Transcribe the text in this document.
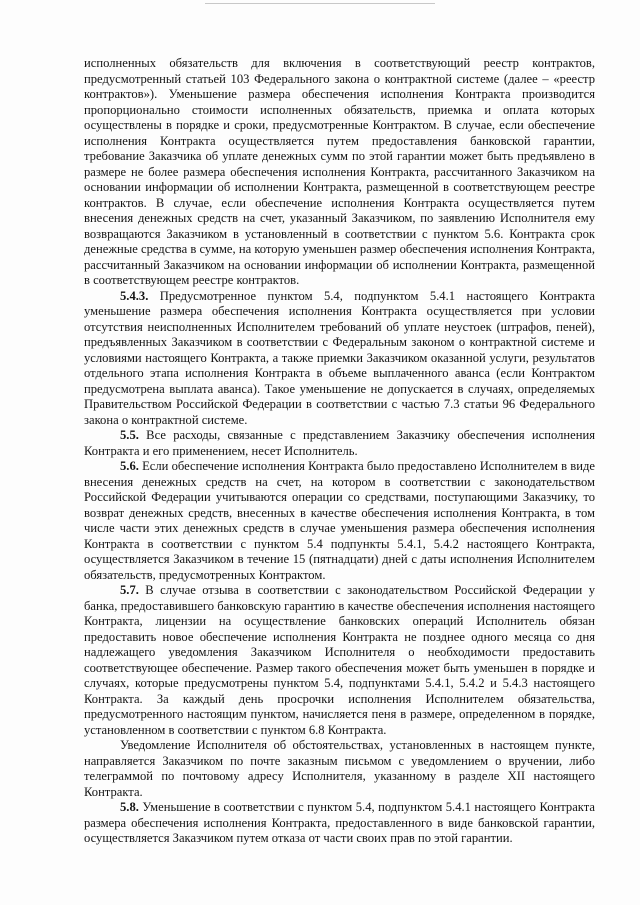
исполненных обязательств для включения в соответствующий реестр контрактов, предусмотренный статьей 103 Федерального закона о контрактной системе (далее – «реестр контрактов»). Уменьшение размера обеспечения исполнения Контракта производится пропорционально стоимости исполненных обязательств, приемка и оплата которых осуществлены в порядке и сроки, предусмотренные Контрактом. В случае, если обеспечение исполнения Контракта осуществляется путем предоставления банковской гарантии, требование Заказчика об уплате денежных сумм по этой гарантии может быть предъявлено в размере не более размера обеспечения исполнения Контракта, рассчитанного Заказчиком на основании информации об исполнении Контракта, размещенной в соответствующем реестре контрактов. В случае, если обеспечение исполнения Контракта осуществляется путем внесения денежных средств на счет, указанный Заказчиком, по заявлению Исполнителя ему возвращаются Заказчиком в установленный в соответствии с пунктом 5.6. Контракта срок денежные средства в сумме, на которую уменьшен размер обеспечения исполнения Контракта, рассчитанный Заказчиком на основании информации об исполнении Контракта, размещенной в соответствующем реестре контрактов.

5.4.3. Предусмотренное пунктом 5.4, подпунктом 5.4.1 настоящего Контракта уменьшение размера обеспечения исполнения Контракта осуществляется при условии отсутствия неисполненных Исполнителем требований об уплате неустоек (штрафов, пеней), предъявленных Заказчиком в соответствии с Федеральным законом о контрактной системе и условиями настоящего Контракта, а также приемки Заказчиком оказанной услуги, результатов отдельного этапа исполнения Контракта в объеме выплаченного аванса (если Контрактом предусмотрена выплата аванса). Такое уменьшение не допускается в случаях, определяемых Правительством Российской Федерации в соответствии с частью 7.3 статьи 96 Федерального закона о контрактной системе.

5.5. Все расходы, связанные с представлением Заказчику обеспечения исполнения Контракта и его применением, несет Исполнитель.

5.6. Если обеспечение исполнения Контракта было предоставлено Исполнителем в виде внесения денежных средств на счет, на котором в соответствии с законодательством Российской Федерации учитываются операции со средствами, поступающими Заказчику, то возврат денежных средств, внесенных в качестве обеспечения исполнения Контракта, в том числе части этих денежных средств в случае уменьшения размера обеспечения исполнения Контракта в соответствии с пунктом 5.4 подпункты 5.4.1, 5.4.2 настоящего Контракта, осуществляется Заказчиком в течение 15 (пятнадцати) дней с даты исполнения Исполнителем обязательств, предусмотренных Контрактом.

5.7. В случае отзыва в соответствии с законодательством Российской Федерации у банка, предоставившего банковскую гарантию в качестве обеспечения исполнения настоящего Контракта, лицензии на осуществление банковских операций Исполнитель обязан предоставить новое обеспечение исполнения Контракта не позднее одного месяца со дня надлежащего уведомления Заказчиком Исполнителя о необходимости предоставить соответствующее обеспечение. Размер такого обеспечения может быть уменьшен в порядке и случаях, которые предусмотрены пунктом 5.4, подпунктами 5.4.1, 5.4.2 и 5.4.3 настоящего Контракта. За каждый день просрочки исполнения Исполнителем обязательства, предусмотренного настоящим пунктом, начисляется пеня в размере, определенном в порядке, установленном в соответствии с пунктом 6.8 Контракта.

Уведомление Исполнителя об обстоятельствах, установленных в настоящем пункте, направляется Заказчиком по почте заказным письмом с уведомлением о вручении, либо телеграммой по почтовому адресу Исполнителя, указанному в разделе XII настоящего Контракта.

5.8. Уменьшение в соответствии с пунктом 5.4, подпунктом 5.4.1 настоящего Контракта размера обеспечения исполнения Контракта, предоставленного в виде банковской гарантии, осуществляется Заказчиком путем отказа от части своих прав по этой гарантии.
